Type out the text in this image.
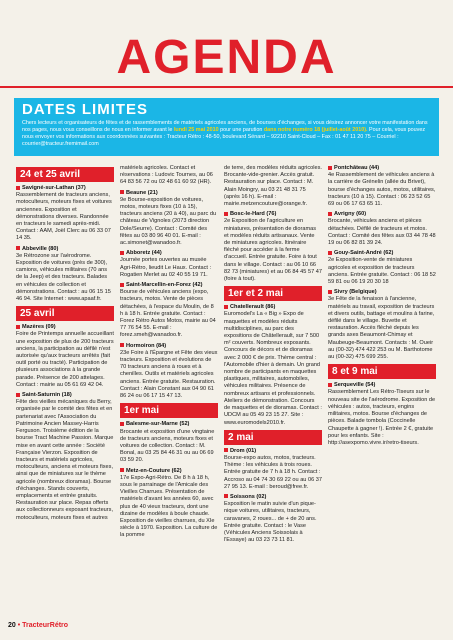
AGENDA
DATES LIMITES

Chers lecteurs et organisateurs de fêtes et de rassemblements de matériels agricoles anciens, de bourses d'échanges, si vous désirez annoncer votre manifestation dans nos pages, nous vous conseillons de nous en informer avant le lundi 25 mai 2010 pour une parution dans notre numéro 18 (juillet-août 2010). Pour cela, vous pouvez nous envoyer vos informations aux coordonnées suivantes : Tracteur Rétro : 48-50, boulevard Sénard – 92210 Saint-Cloud – Fax : 01 47 11 20 75 – Courriel : courrier@tracteur.fremimail.com

24 et 25 avril
Savigné-sur-Lathan (37)
Rassemblement de tracteurs anciens, motoculteurs, moteurs fixes et voitures anciennes. Exposition et démonstrations diverses. Randonnée en tracteurs le samedi après-midi. Contact : AAM, Joël Clerc au 06 33 07 14 35.
Abbeville (80)
3e Rétrozone sur l'aérodrome. Exposition de voitures (près de 300), camions, véhicules militaires (70 ans de la Jeep) et des tracteurs. Balades en véhicules de collection et démonstrations. Contact : au 06 15 15 46 94. Site Internet : www.apaaf.fr.
25 avril
Mazères (09)
Foire de Printemps annuelle accueillant une exposition de plus de 200 tracteurs anciens, la participation au défilé n'est autorisée qu'aux tracteurs arrêtés (fait outil porté ou tracté). Participation de plusieurs associations à la grande parade. Présence de 200 attelages. Contact : mairie au 05 61 69 42 04.
Saint-Saturnin (18)
Fête des vieilles mécaniques du Berry, organisée par le comité des fêtes et en partenariat avec l'Association du Patrimoine Ancien Massey-Harris Ferguson. Troisième édition de la bourse Tract Machine Passion. Marque mise en avant cette année : Société Française Vierzon. Exposition de tracteurs et matériels agricoles, motoculteurs, anciens et moteurs fixes, ainsi que de miniatures sur le thème agricole (nombreux dioramas). Bourse d'échanges. Stands couverts, emplacements et entrée gratuits. Restauration sur place. Repas offerts aux collectionneurs exposant tracteurs, motoculteurs, moteurs fixes et autres
matériels agricoles. Contact et réservations : Ludovic Tournes, au 06 64 83 56 72 ou 02 48 61 60 92 (HR).
Beaune (21)
9e Bourse-exposition de voitures, motos, moteurs fixes (10 à 15), tracteurs anciens (20 à 40), au parc du château de Vignoles (2073 direction Dole/Seurre). Contact : Comité des fêtes au 03 80 96 40 01. E-mail : ac.simonet@wanadoo.fr.
Abboretz (44)
Journée portes ouvertes au musée Agri-Rétro, lieudit Le Haux. Contact : Rogatien Merlet au 02 40 55 19 71.
Saint-Marcellin-en-Forez (42)
Bourse de véhicules anciens (expo, tracteurs, motos. Vente de pièces détachées, à l'espace du Moulin, de 8 h à 18 h. Entrée gratuite. Contact : Forez Rétro Autos Motos, mairie au 04 77 76 54 55. E-mail : forez.smeh@wanadoo.fr.
Hormoiron (84)
23e Foire à l'Épargne et Fête des vieux tracteurs. Exposition et évolutions de 70 tracteurs anciens à roues et à chenilles. Outils et matériels agricoles anciens. Entrée gratuite. Restauration. Contact : Alain Constant aux 04 90 61 86 24 ou 06 17 15 47 13.
1er mai
Balesme-sur-Marne (52)
Brocante et exposition d'une vingtaine de tracteurs anciens, moteurs fixes et voitures de collection. Contact : M. Bonal, au 03 25 84 46 31 ou au 06 69 03 59 20.
Metz-en-Couture (62)
17e Expo-Agri-Rétro. De 8 h à 18 h, sous le parrainage de l'Amicale des Vieilles Charrues. Présentation de matériels d'avant les années 60, avec plus de 40 vieux tracteurs, dont une dizaine de modèles à boule chaude. Exposition de vieilles charrues, du XIe siècle à 1970. Exposition. La culture de la pomme
de terre, des modèles réduits agricoles. Brocante-vide-grenier. Accès gratuit. Restauration sur place. Contact : M. Alain Moingry, au 03 21 48 31 75 (après 16 h). E-mail : mairie.metzencouture@orange.fr.
Bosc-le-Hard (76)
2e Exposition de l'agriculture en miniatures, présentation de dioramas et modèles réduits artisanaux. Vente de miniatures agricoles. Itinéraire fléché pour accéder à la ferme d'accueil. Entrée gratuite. Foire à tout dans le village. Contact : au 06 10 66 82 73 (miniatures) et au 06 84 45 57 47 (foire à tout).
1er et 2 mai
Chatellerault (86)
Euromodel's La « Big » Expo de maquettes et modèles réduits multidisciplines, au parc des expositions de Châtellerault, sur 7 500 m² couverts. Nombreux exposants. Concours de décors et de dioramas avec 2 000 € de prix. Thème central : l'Automobile d'hier à demain. Un grand nombre de participants en maquettes plastiques, militaires, automobiles, véhicules militaires. Présence de nombreux artisans et professionnels. Ateliers de démonstration. Concours de maquettes et de dioramas. Contact : UDCM au 05 49 23 15 27. Site : www.euromodels2010.fr.
2 mai
Drom (01)
Bourse-expo autos, motos, tracteurs. Thème : les véhicules à trois roues. Entrée gratuite de 7 h à 18 h. Contact : Accroso au 04 74 30 69 22 ou au 06 37 27 95 13. E-mail : beroud@free.fr.
Soissons (02)
Exposition le matin suivie d'un pique-nique voitures, utilitaires, tracteurs, caravanes, 2 roues... de + de 20 ans. Entrée gratuite. Contact : le Vase (Véhicules Anciens Soissolais à l'Essaye) au 03 23 73 11 81.
Pontchâteau (44)
4e Rassemblement de véhicules anciens à la carrière de Grénelin (allée du Brivet), bourse d'échanges autos, motos, utilitaires, tracteurs (10 à 15). Contact : 06 23 52 65 69 ou 06 17 63 65 11.
Avrigny (60)
Brocante, véhicules anciens et pièces détachées. Défilé de tracteurs et motos. Contact : Comité des fêtes aux 03 44 78 48 19 ou 06 82 81 39 24.
Gouy-Saint-André (62)
2e Exposition-vente de miniatures agricoles et exposition de tracteurs anciens. Entrée gratuite. Contact : 06 18 52 59 81 ou 06 19 20 30 18
Sivry (Belgique)
3e Fête de la fenaison à l'ancienne, matériels au travail, exposition de tracteurs et divers outils, battage et moulins à farine, défilé dans le village. Buvette et restauration. Accès fléché depuis les grands axes Beaumont-Chimay et Maubeuge-Beaumont. Contacts : M. Oueir au (00-32) 474 422 253 ou M. Barthotome au (00-32) 475 699 255.
8 et 9 mai
Serqueville (54)
Rassemblement Les Rétro-Tiseurs sur le nouveau site de l'aérodrome. Exposition de véhicules : autos, tracteurs, engins militaires, motos. Bourse d'échanges de pièces. Balade tombola (Coccinelle Chaupette à gagner !). Entrée 2 €, gratuite pour les enfants. Site : http://asexpomo.vivre.ir/retro-tiseurs.
20 • TracteurRétro
